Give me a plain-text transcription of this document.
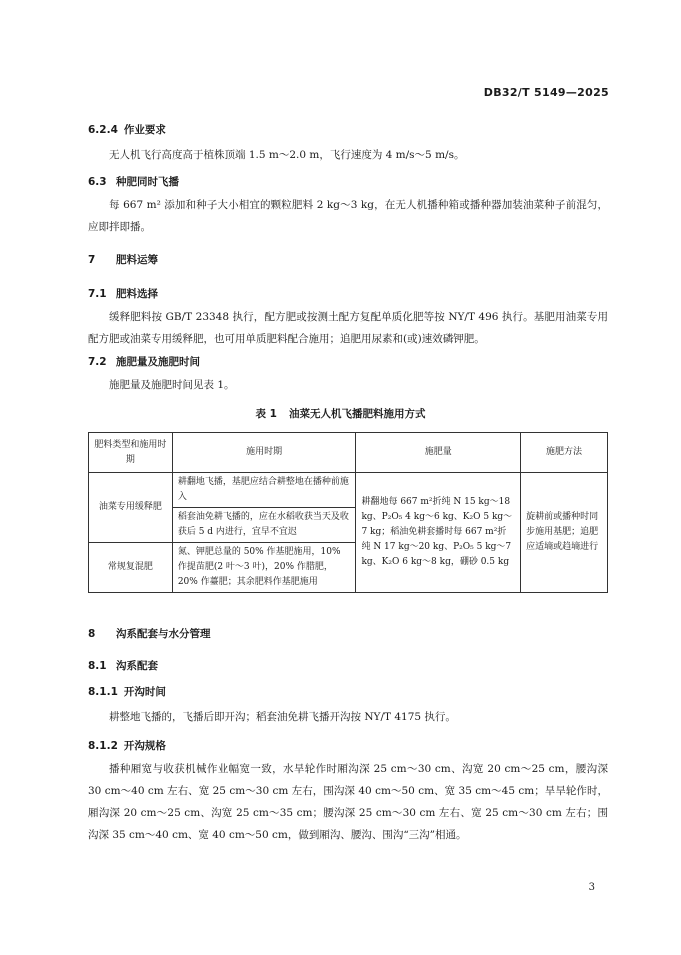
DB32/T 5149—2025
6.2.4 作业要求
无人机飞行高度高于植株顶端 1.5 m～2.0 m，飞行速度为 4 m/s～5 m/s。
6.3 种肥同时飞播
每 667 m² 添加和种子大小相宜的颗粒肥料 2 kg～3 kg，在无人机播种箱或播种器加装油菜种子前混匀，应即拌即播。
7 肥料运筹
7.1 肥料选择
缓释肥料按 GB/T 23348 执行，配方肥或按测土配方复配单质化肥等按 NY/T 496 执行。基肥用油菜专用配方肥或油菜专用缓释肥，也可用单质肥料配合施用；追肥用尿素和(或)速效磷钾肥。
7.2 施肥量及施肥时间
施肥量及施肥时间见表 1。
表 1 油菜无人机飞播肥料施用方式
肥料类型和施用时期	施用时期	施肥量	施肥方法
油菜专用缓释肥	耕翻地飞播，基肥应结合耕整地在播种前施入	耕翻地每 667 m²折纯 N 15 kg～18 kg、P₂O₅ 4 kg～6 kg、K₂O 5 kg～7 kg；稻油免耕套播时每 667 m²折纯 N 17 kg～20 kg、P₂O₅ 5 kg～7 kg、K₂O 6 kg～8 kg，硼砂 0.5 kg	旋耕前或播种时同步施用基肥；追肥应适墒或趋墒进行
	稻套油免耕飞播的，应在水稻收获当天及收获后 5 d 内进行，宜早不宜迟		
常规复混肥	氮、钾肥总量的 50% 作基肥施用，10% 作提苗肥(2 叶～3 叶)，20% 作腊肥，20% 作薹肥；其余肥料作基肥施用		
8 沟系配套与水分管理
8.1 沟系配套
8.1.1 开沟时间
耕整地飞播的，飞播后即开沟；稻套油免耕飞播开沟按 NY/T 4175 执行。
8.1.2 开沟规格
播种厢宽与收获机械作业幅宽一致，水旱轮作时厢沟深 25 cm～30 cm、沟宽 20 cm～25 cm，腰沟深 30 cm～40 cm 左右、宽 25 cm～30 cm 左右，围沟深 40 cm～50 cm、宽 35 cm～45 cm；旱旱轮作时，厢沟深 20 cm～25 cm、沟宽 25 cm～35 cm；腰沟深 25 cm～30 cm 左右、宽 25 cm～30 cm 左右；围沟深 35 cm～40 cm、宽 40 cm～50 cm，做到厢沟、腰沟、围沟“三沟”相通。
3
